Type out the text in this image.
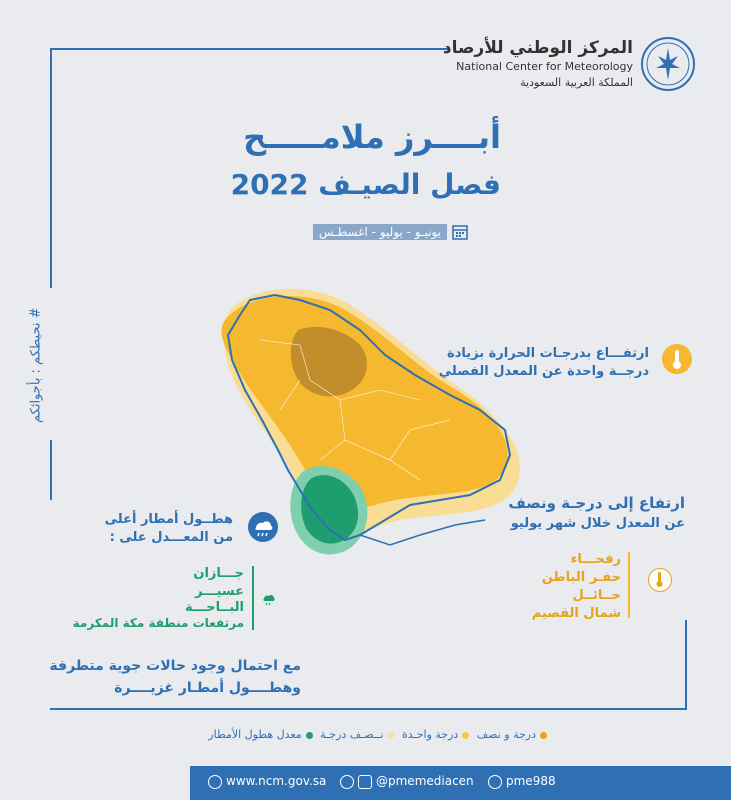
المركز الوطني للأرصاد
National Center for Meteorology
المملكة العربية السعودية
أبــــرز ملامـــــح
فصل الصيـف 2022
يونيـو - يوليو - اغسطـس
# نحيطكم : بأجوائكم	ارتفـــاع بدرجـات الحرارة بزيادة
درجــة واحدة عن المعدل الفصلي
ارتفاع إلى درجـة ونصف
عن المعدل خلال شهر يوليو
رفحـــاء
حفـر الباطن
حــائــل
شمال القصيم
هطــول أمطار أعلى
من المعـــدل على :
جـــازان
عسيـــر
البــاحـــة
مرتفعات منطقة مكة المكرمة
مع احتمال وجود حالات جوية متطرفة
وهطــــول أمطـار غزيــــرة
درجة و نصف درجة واحـدة نــصـف درجـة معدل هطول الأمطار
www.ncm.gov.sa	@pmemediacen	pme988
